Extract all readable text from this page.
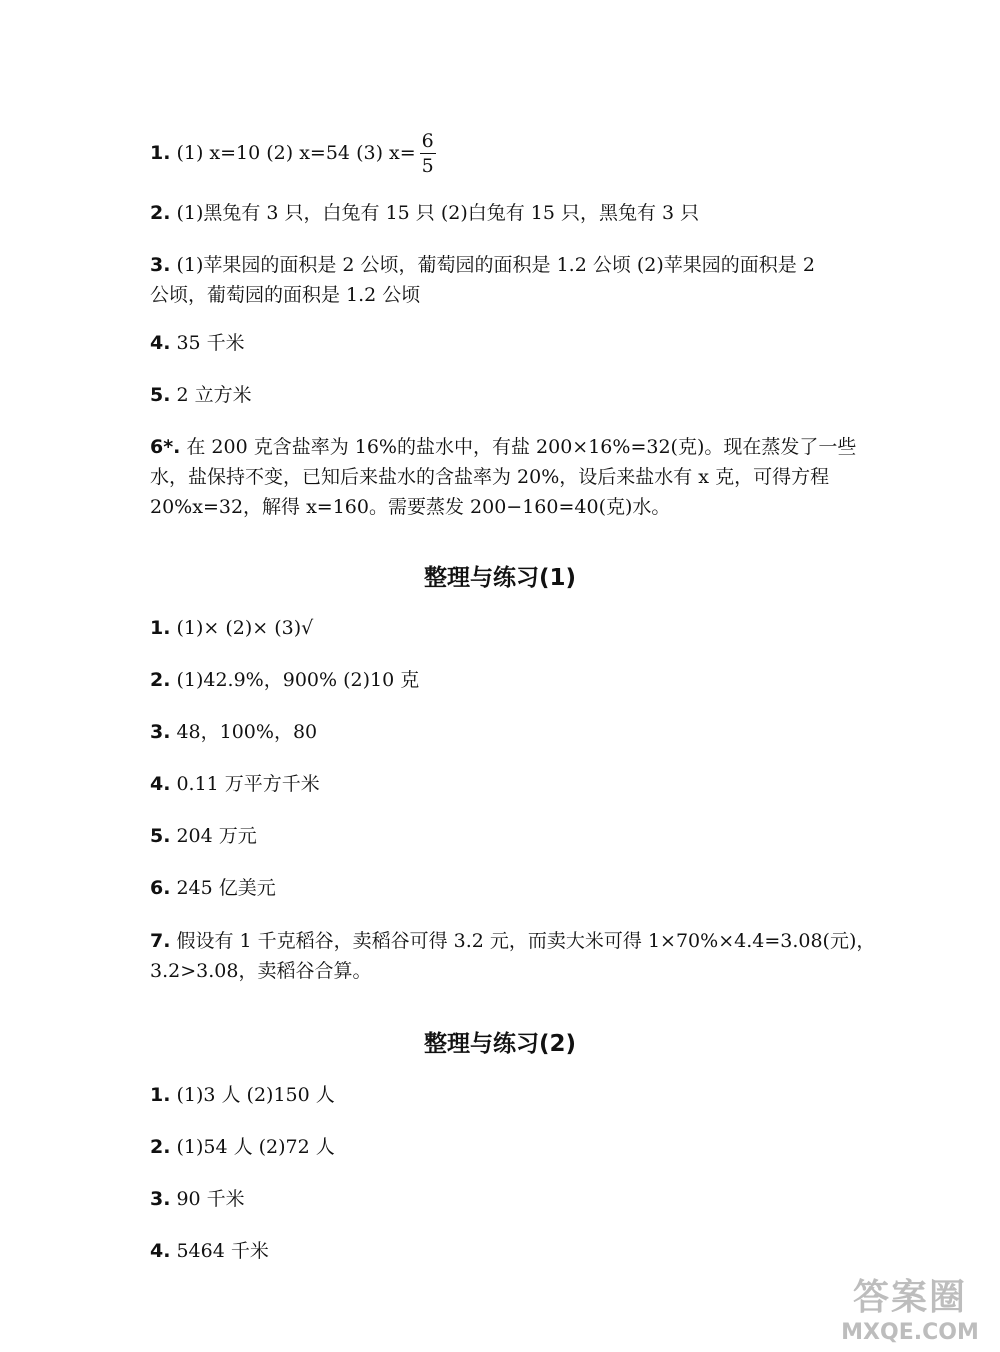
1. (1) x=10 (2) x=54 (3) $x= \frac{6}{5}$
2. (1)黑兔有 3 只，白兔有 15 只 (2)白兔有 15 只，黑兔有 3 只
3. (1)苹果园的面积是 2 公顷，葡萄园的面积是 1.2 公顷 (2)苹果园的面积是 2
公顷，葡萄园的面积是 1.2 公顷
4. 35 千米
5. 2 立方米
6*. 在 200 克含盐率为 16%的盐水中，有盐 200×16%=32(克)。现在蒸发了一些
水，盐保持不变，已知后来盐水的含盐率为 20%，设后来盐水有 x 克，可得方程
20%x=32，解得 x=160。需要蒸发 200−160=40(克)水。
整理与练习(1)
1. (1)× (2)× (3)√
2. (1)42.9%，900% (2)10 克
3. 48，100%，80
4. 0.11 万平方千米
5. 204 万元
6. 245 亿美元
7. 假设有 1 千克稻谷，卖稻谷可得 3.2 元，而卖大米可得 1×70%×4.4=3.08(元)，
3.2>3.08，卖稻谷合算。
整理与练习(2)
1. (1)3 人 (2)150 人
2. (1)54 人 (2)72 人
3. 90 千米
4. 5464 千米
答案圈
MXQE.COM
